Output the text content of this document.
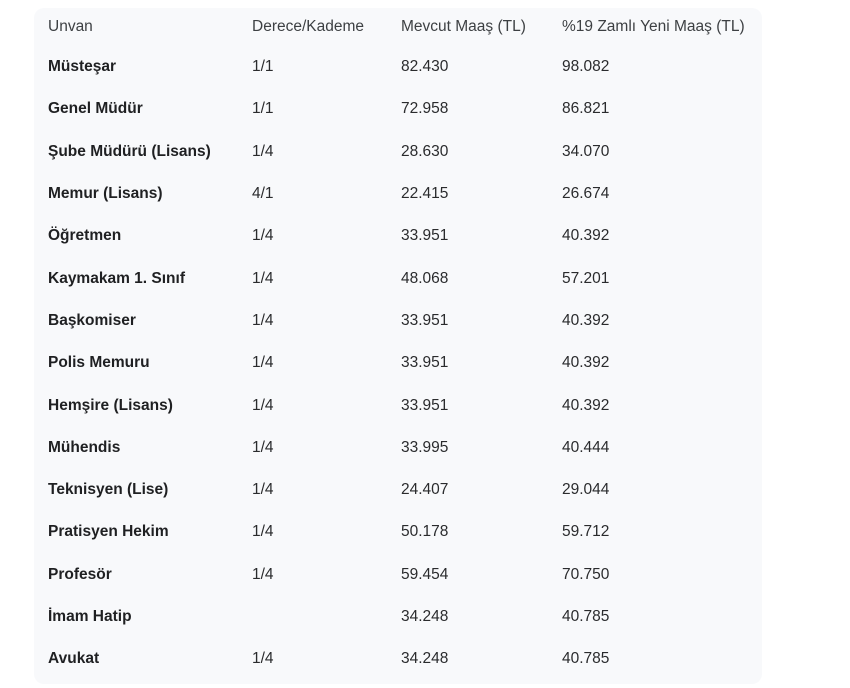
Unvan	Derece/Kademe	Mevcut Maaş (TL)	%19 Zamlı Yeni Maaş (TL)
Müsteşar	1/1	82.430	98.082
Genel Müdür	1/1	72.958	86.821
Şube Müdürü (Lisans)	1/4	28.630	34.070
Memur (Lisans)	4/1	22.415	26.674
Öğretmen	1/4	33.951	40.392
Kaymakam 1. Sınıf	1/4	48.068	57.201
Başkomiser	1/4	33.951	40.392
Polis Memuru	1/4	33.951	40.392
Hemşire (Lisans)	1/4	33.951	40.392
Mühendis	1/4	33.995	40.444
Teknisyen (Lise)	1/4	24.407	29.044
Pratisyen Hekim	1/4	50.178	59.712
Profesör	1/4	59.454	70.750
İmam Hatip		34.248	40.785
Avukat	1/4	34.248	40.785
